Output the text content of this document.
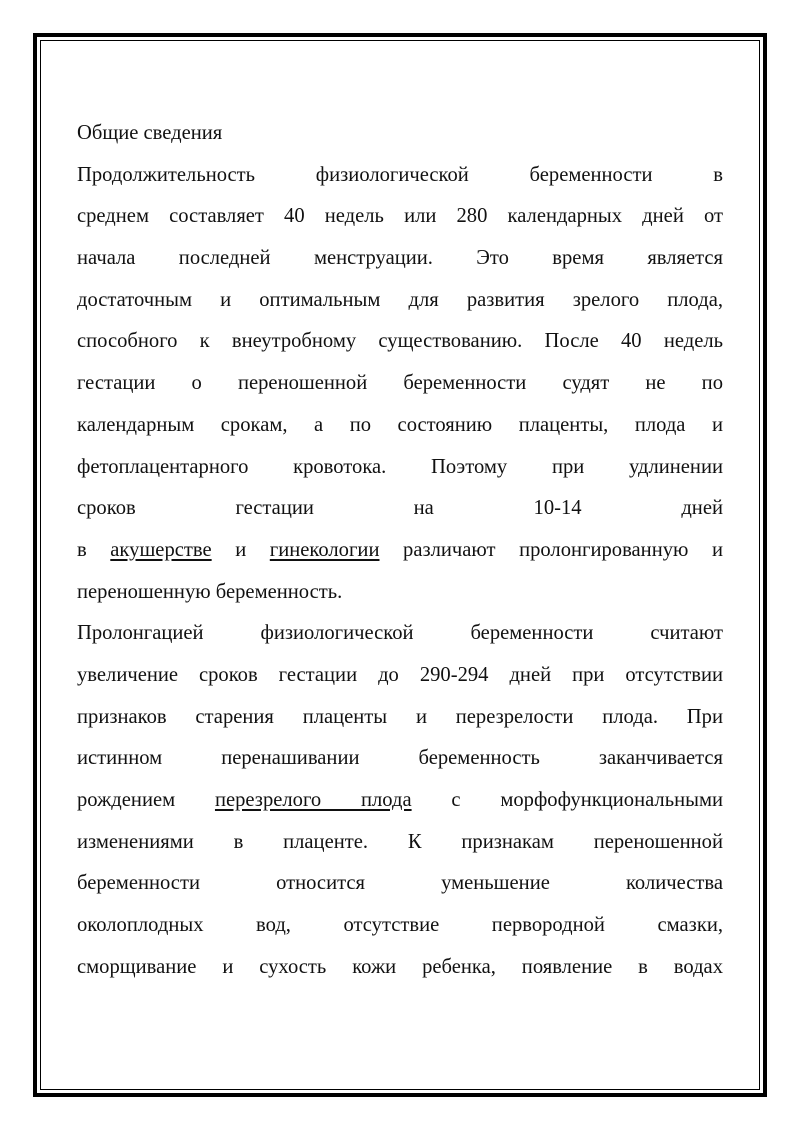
Общие сведения
Продолжительность физиологической беременности в
среднем составляет 40 недель или 280 календарных дней от
начала последней менструации. Это время является
достаточным и оптимальным для развития зрелого плода,
способного к внеутробному существованию. После 40 недель
гестации о переношенной беременности судят не по
календарным срокам, а по состоянию плаценты, плода и
фетоплацентарного кровотока. Поэтому при удлинении
сроков гестации на 10-14 дней
в акушерстве и гинекологии различают пролонгированную и
переношенную беременность.
Пролонгацией физиологической беременности считают
увеличение сроков гестации до 290-294 дней при отсутствии
признаков старения плаценты и перезрелости плода. При
истинном перенашивании беременность заканчивается
рождением перезрелого плода с морфофункциональными
изменениями в плаценте. К признакам переношенной
беременности относится уменьшение количества
околоплодных вод, отсутствие первородной смазки,
сморщивание и сухость кожи ребенка, появление в водах
